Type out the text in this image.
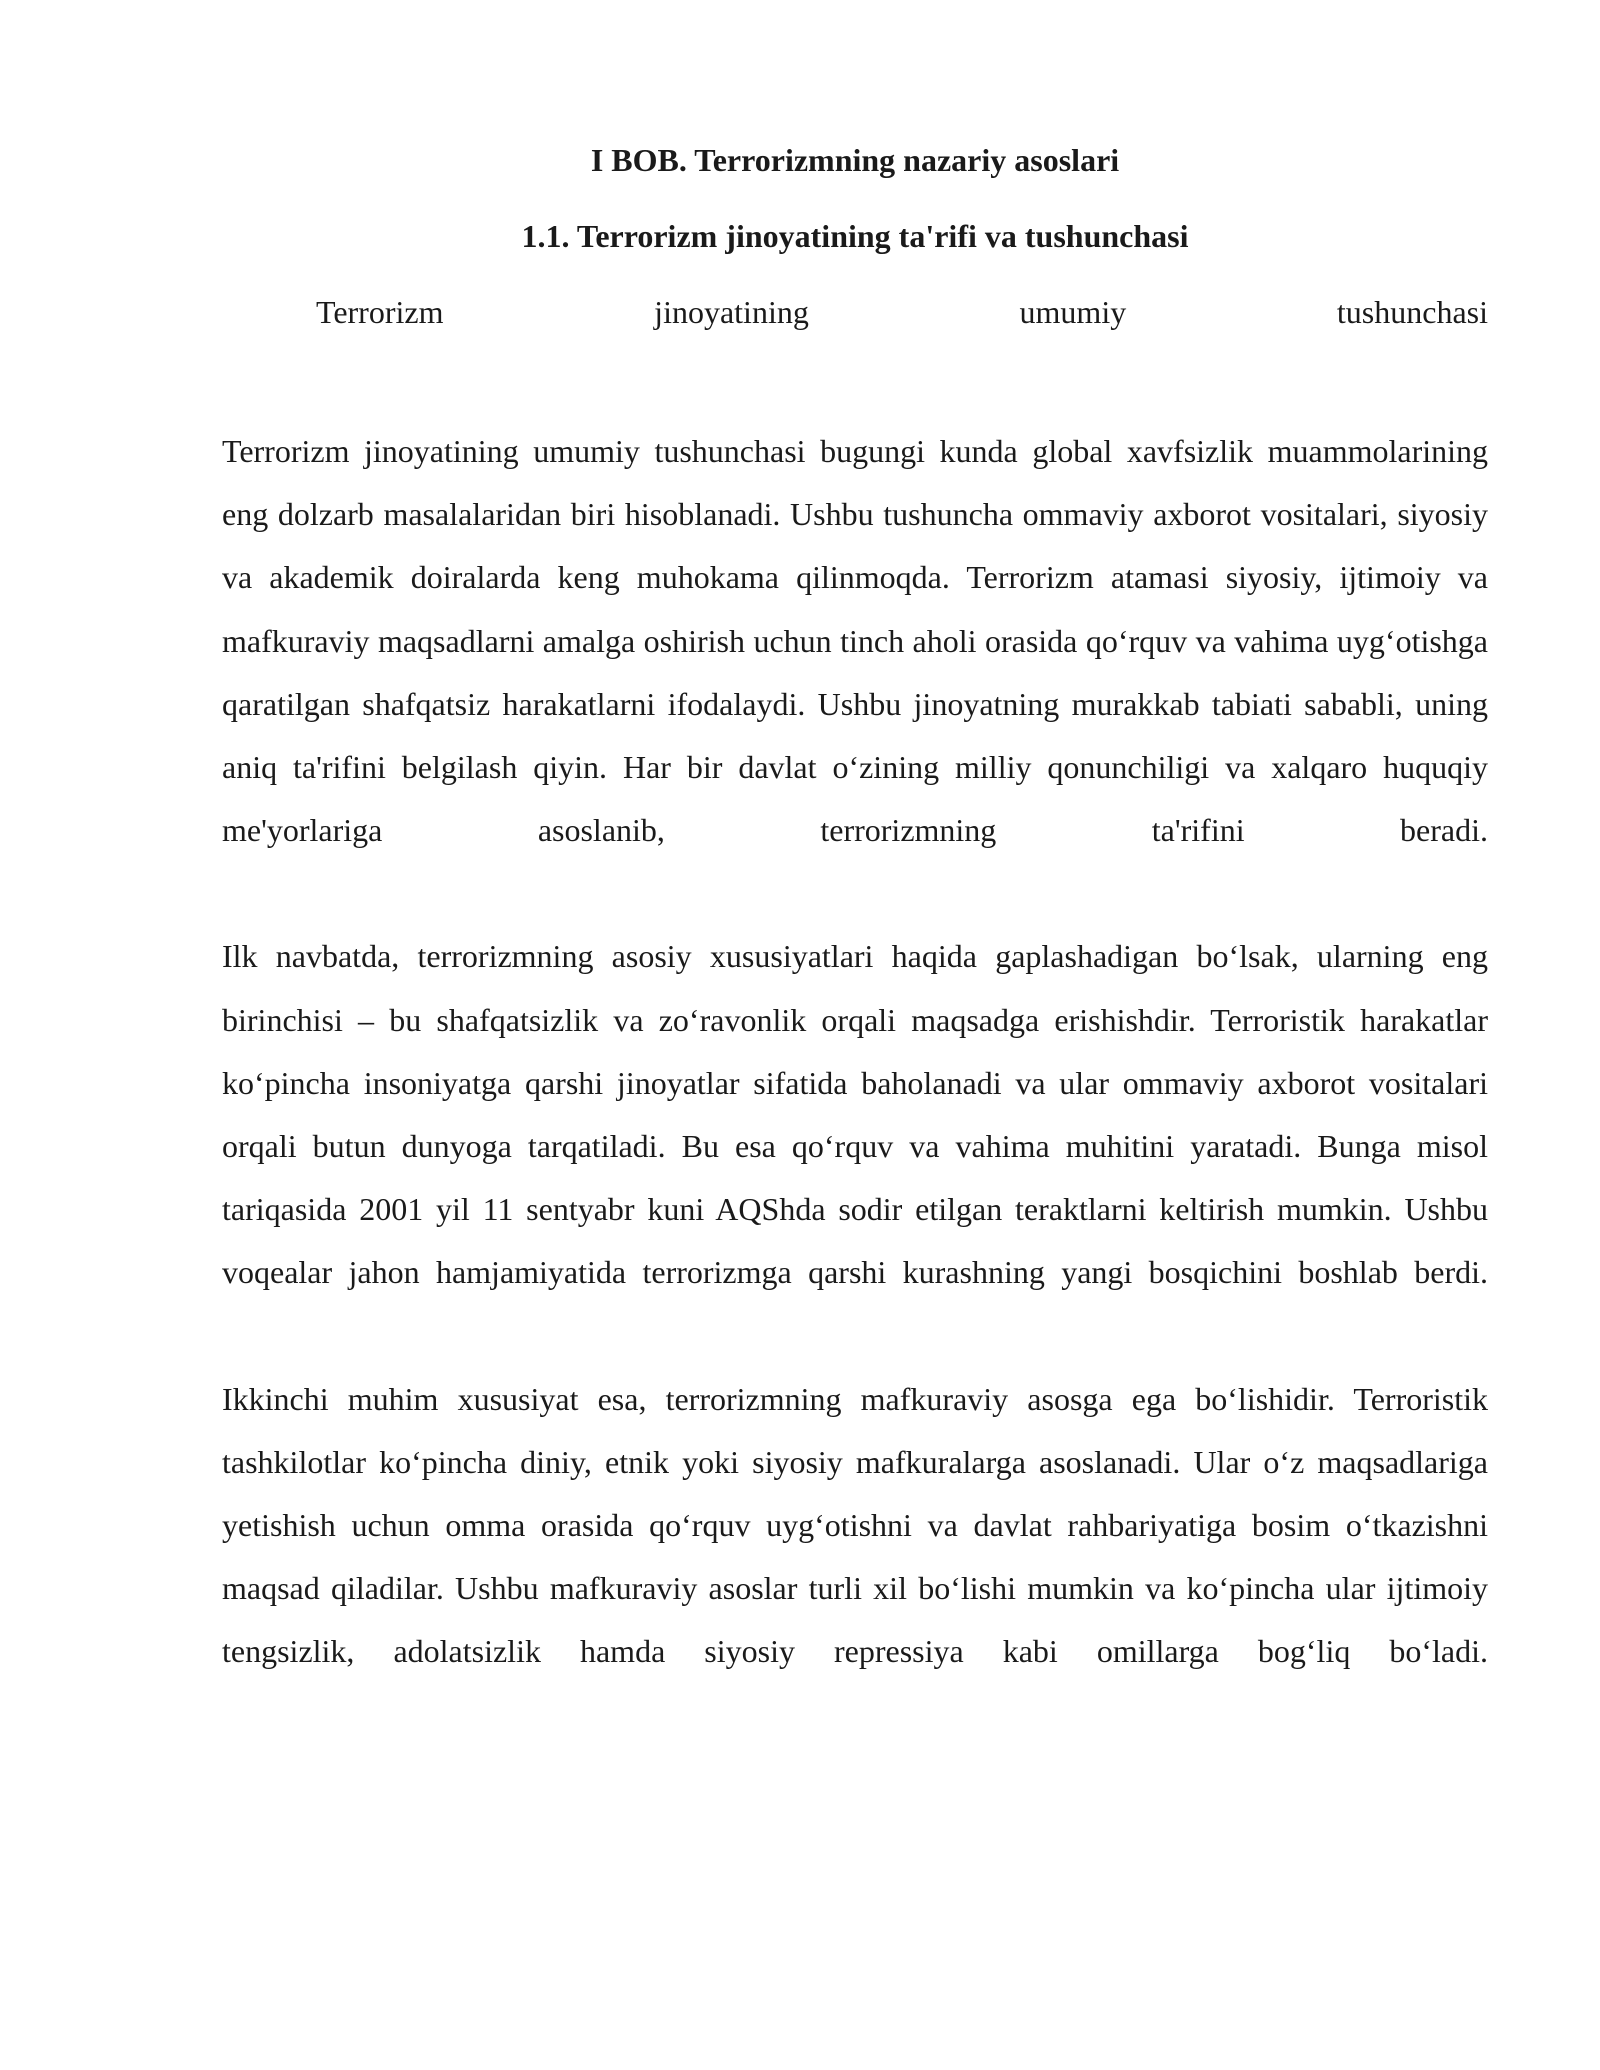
I BOB. Terrorizmning nazariy asoslari
1.1. Terrorizm jinoyatining ta'rifi va tushunchasi
Terrorizm	jinoyatining	umumiy	tushunchasi

Terrorizm jinoyatining umumiy tushunchasi bugungi kunda global xavfsizlik muammolarining eng dolzarb masalalaridan biri hisoblanadi. Ushbu tushuncha ommaviy axborot vositalari, siyosiy va akademik doiralarda keng muhokama qilinmoqda. Terrorizm atamasi siyosiy, ijtimoiy va mafkuraviy maqsadlarni amalga oshirish uchun tinch aholi orasida qo‘rquv va vahima uyg‘otishga qaratilgan shafqatsiz harakatlarni ifodalaydi. Ushbu jinoyatning murakkab tabiati sababli, uning aniq ta'rifini belgilash qiyin. Har bir davlat o‘zining milliy qonunchiligi va xalqaro huquqiy me'yorlariga asoslanib, terrorizmning ta'rifini beradi.

Ilk navbatda, terrorizmning asosiy xususiyatlari haqida gaplashadigan bo‘lsak, ularning eng birinchisi – bu shafqatsizlik va zo‘ravonlik orqali maqsadga erishishdir. Terroristik harakatlar ko‘pincha insoniyatga qarshi jinoyatlar sifatida baholanadi va ular ommaviy axborot vositalari orqali butun dunyoga tarqatiladi. Bu esa qo‘rquv va vahima muhitini yaratadi. Bunga misol tariqasida 2001 yil 11 sentyabr kuni AQShda sodir etilgan teraktlarni keltirish mumkin. Ushbu voqealar jahon hamjamiyatida terrorizmga qarshi kurashning yangi bosqichini boshlab berdi.

Ikkinchi muhim xususiyat esa, terrorizmning mafkuraviy asosga ega bo‘lishidir. Terroristik tashkilotlar ko‘pincha diniy, etnik yoki siyosiy mafkuralarga asoslanadi. Ular o‘z maqsadlariga yetishish uchun omma orasida qo‘rquv uyg‘otishni va davlat rahbariyatiga bosim o‘tkazishni maqsad qiladilar. Ushbu mafkuraviy asoslar turli xil bo‘lishi mumkin va ko‘pincha ular ijtimoiy tengsizlik, adolatsizlik hamda siyosiy repressiya kabi omillarga bog‘liq bo‘ladi.
